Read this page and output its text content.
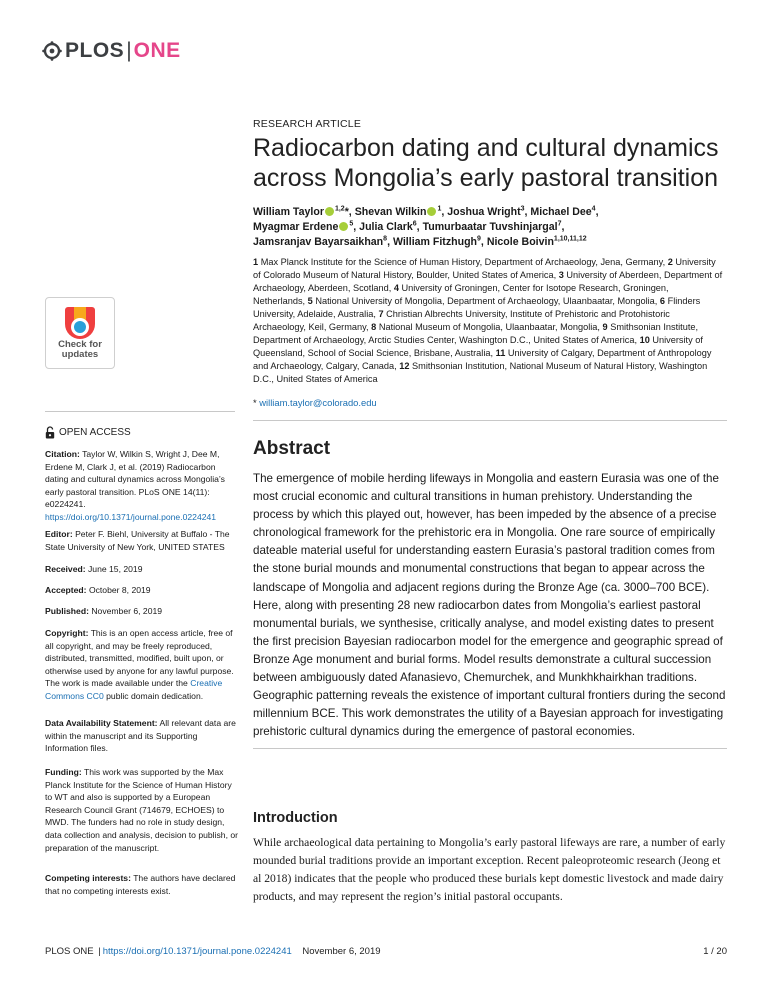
PLOS | ONE
RESEARCH ARTICLE
Radiocarbon dating and cultural dynamics across Mongolia’s early pastoral transition
William Taylor $^{1,2}$*, Shevan Wilkin $^1$, Joshua Wright$^3$, Michael Dee$^4$,
Myagmar Erdene $^5$, Julia Clark$^6$, Tumurbaatar Tuvshinjargal$^7$,
Jamsranjav Bayarsaikhan$^8$, William Fitzhugh$^9$, Nicole Boivin$^{1,10,11,12}$
1 Max Planck Institute for the Science of Human History, Department of Archaeology, Jena, Germany, 2 University of Colorado Museum of Natural History, Boulder, United States of America, 3 University of Aberdeen, Department of Archaeology, Aberdeen, Scotland, 4 University of Groningen, Center for Isotope Research, Groningen, Netherlands, 5 National University of Mongolia, Department of Archaeology, Ulaanbaatar, Mongolia, 6 Flinders University, Adelaide, Australia, 7 Christian Albrechts University, Institute of Prehistoric and Protohistoric Archaeology, Keil, Germany, 8 National Museum of Mongolia, Ulaanbaatar, Mongolia, 9 Smithsonian Institute, Department of Archaeology, Arctic Studies Center, Washington D.C., United States of America, 10 University of Queensland, School of Social Science, Brisbane, Australia, 11 University of Calgary, Department of Anthropology and Archaeology, Calgary, Canada, 12 Smithsonian Institution, National Museum of Natural History, Washington D.C., United States of America
* william.taylor@colorado.edu
Abstract

The emergence of mobile herding lifeways in Mongolia and eastern Eurasia was one of the most crucial economic and cultural transitions in human prehistory. Understanding the process by which this played out, however, has been impeded by the absence of a precise chronological framework for the prehistoric era in Mongolia. One rare source of empirically dateable material useful for understanding eastern Eurasia’s pastoral tradition comes from the stone burial mounds and monumental constructions that began to appear across the landscape of Mongolia and adjacent regions during the Bronze Age (ca. 3000–700 BCE). Here, along with presenting 28 new radiocarbon dates from Mongolia’s earliest pastoral monumental burials, we synthesise, critically analyse, and model existing dates to present the first precision Bayesian radiocarbon model for the emergence and geographic spread of Bronze Age monument and burial forms. Model results demonstrate a cultural succession between ambiguously dated Afanasievo, Chemurchek, and Munkhkhairkhan traditions. Geographic patterning reveals the existence of important cultural frontiers during the second millennium BCE. This work demonstrates the utility of a Bayesian approach for investigating prehistoric cultural dynamics during the emergence of pastoral economies.

Introduction

While archaeological data pertaining to Mongolia’s early pastoral lifeways are rare, a number of early mounded burial traditions provide an important exception. Recent paleoproteomic research (Jeong et al 2018) indicates that the people who produced these burials kept domestic livestock and made dairy products, and may represent the region’s initial pastoral occupants.

Check for
updates
OPEN ACCESS
Citation: Taylor W, Wilkin S, Wright J, Dee M, Erdene M, Clark J, et al. (2019) Radiocarbon dating and cultural dynamics across Mongolia’s early pastoral transition. PLoS ONE 14(11): e0224241. https://doi.org/10.1371/journal.pone.0224241
Editor: Peter F. Biehl, University at Buffalo - The State University of New York, UNITED STATES
Received: June 15, 2019
Accepted: October 8, 2019
Published: November 6, 2019
Copyright: This is an open access article, free of all copyright, and may be freely reproduced, distributed, transmitted, modified, built upon, or otherwise used by anyone for any lawful purpose. The work is made available under the Creative Commons CC0 public domain dedication.
Data Availability Statement: All relevant data are within the manuscript and its Supporting Information files.
Funding: This work was supported by the Max Planck Institute for the Science of Human History to WT and also is supported by a European Research Council Grant (714679, ECHOES) to MWD. The funders had no role in study design, data collection and analysis, decision to publish, or preparation of the manuscript.
Competing interests: The authors have declared that no competing interests exist.
PLOS ONE | https://doi.org/10.1371/journal.pone.0224241 November 6, 2019	1 / 20
